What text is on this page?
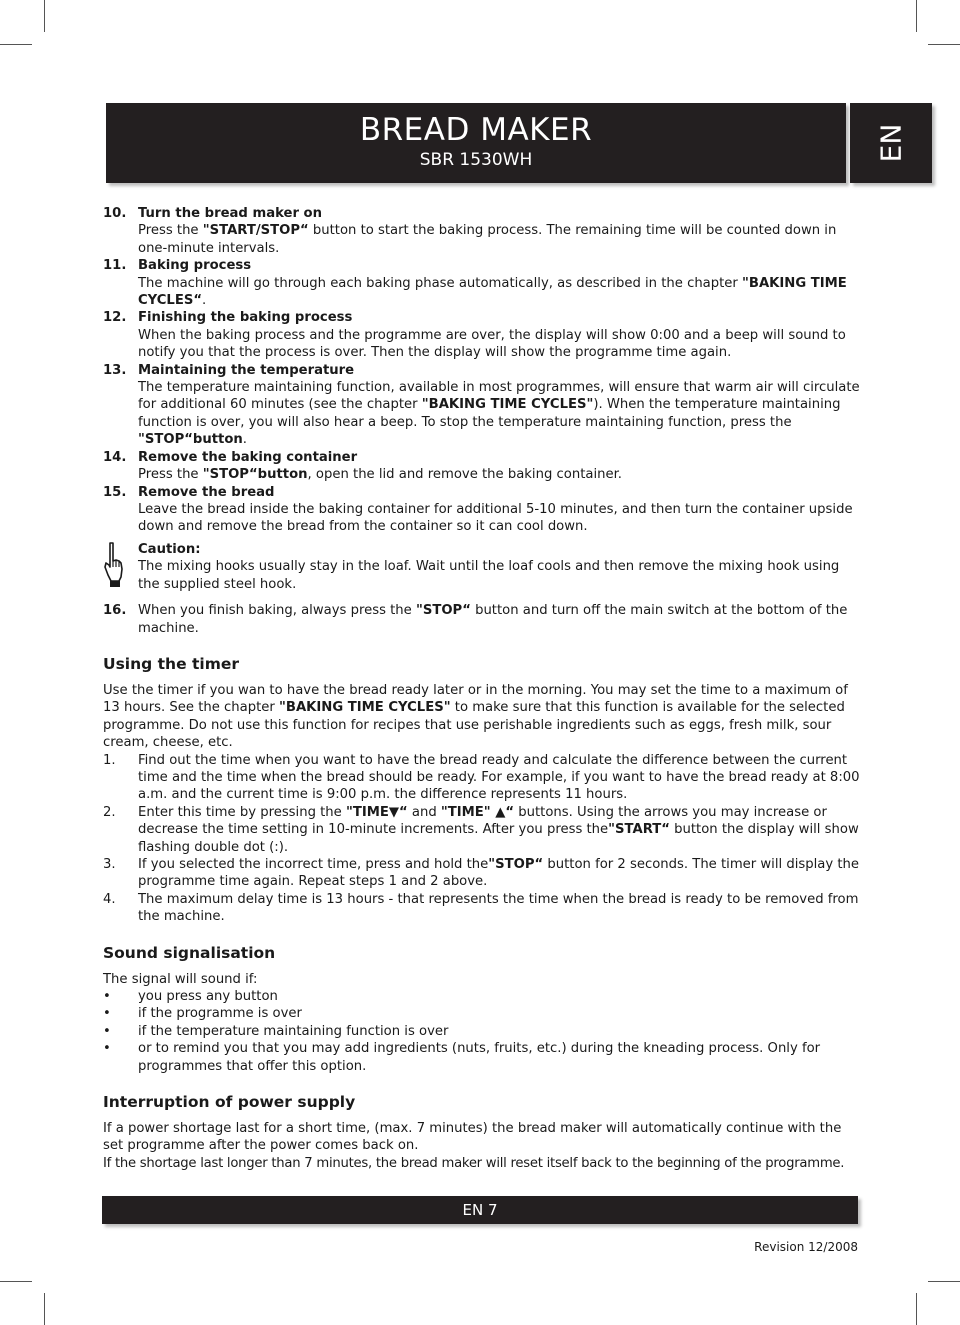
BREAD MAKER
SBR 1530WH	EN
10. Turn the bread maker on
Press the "START/STOP“ button to start the baking process. The remaining time will be counted down in one-minute intervals.
11. Baking process
The machine will go through each baking phase automatically, as described in the chapter "BAKING TIME CYCLES“.
12. Finishing the baking process
When the baking process and the programme are over, the display will show 0:00 and a beep will sound to notify you that the process is over. Then the display will show the programme time again.
13. Maintaining the temperature
The temperature maintaining function, available in most programmes, will ensure that warm air will circulate for additional 60 minutes (see the chapter "BAKING TIME CYCLES"). When the temperature maintaining function is over, you will also hear a beep. To stop the temperature maintaining function, press the "STOP“button.
14. Remove the baking container
Press the "STOP“button, open the lid and remove the baking container.
15. Remove the bread
Leave the bread inside the baking container for additional 5-10 minutes, and then turn the container upside down and remove the bread from the container so it can cool down.
Caution:
The mixing hooks usually stay in the loaf. Wait until the loaf cools and then remove the mixing hook using the supplied steel hook.
16. When you finish baking, always press the "STOP“ button and turn off the main switch at the bottom of the machine.
Using the timer
Use the timer if you wan to have the bread ready later or in the morning. You may set the time to a maximum of 13 hours. See the chapter "BAKING TIME CYCLES" to make sure that this function is available for the selected programme. Do not use this function for recipes that use perishable ingredients such as eggs, fresh milk, sour cream, cheese, etc.
1.	Find out the time when you want to have the bread ready and calculate the difference between the current time and the time when the bread should be ready. For example, if you want to have the bread ready at 8:00 a.m. and the current time is 9:00 p.m. the difference represents 11 hours.
2.	Enter this time by pressing the "TIME▼“ and "TIME" ▲“ buttons. Using the arrows you may increase or decrease the time setting in 10-minute increments. After you press the"START“ button the display will show flashing double dot (:).
3.	If you selected the incorrect time, press and hold the"STOP“ button for 2 seconds. The timer will display the programme time again. Repeat steps 1 and 2 above.
4.	The maximum delay time is 13 hours - that represents the time when the bread is ready to be removed from the machine.
Sound signalisation
The signal will sound if:
•	you press any button
•	if the programme is over
•	if the temperature maintaining function is over
•	or to remind you that you may add ingredients (nuts, fruits, etc.) during the kneading process. Only for programmes that offer this option.
Interruption of power supply
If a power shortage last for a short time, (max. 7 minutes) the bread maker will automatically continue with the set programme after the power comes back on.
If the shortage last longer than 7 minutes, the bread maker will reset itself back to the beginning of the programme.
EN 7
Revision 12/2008
